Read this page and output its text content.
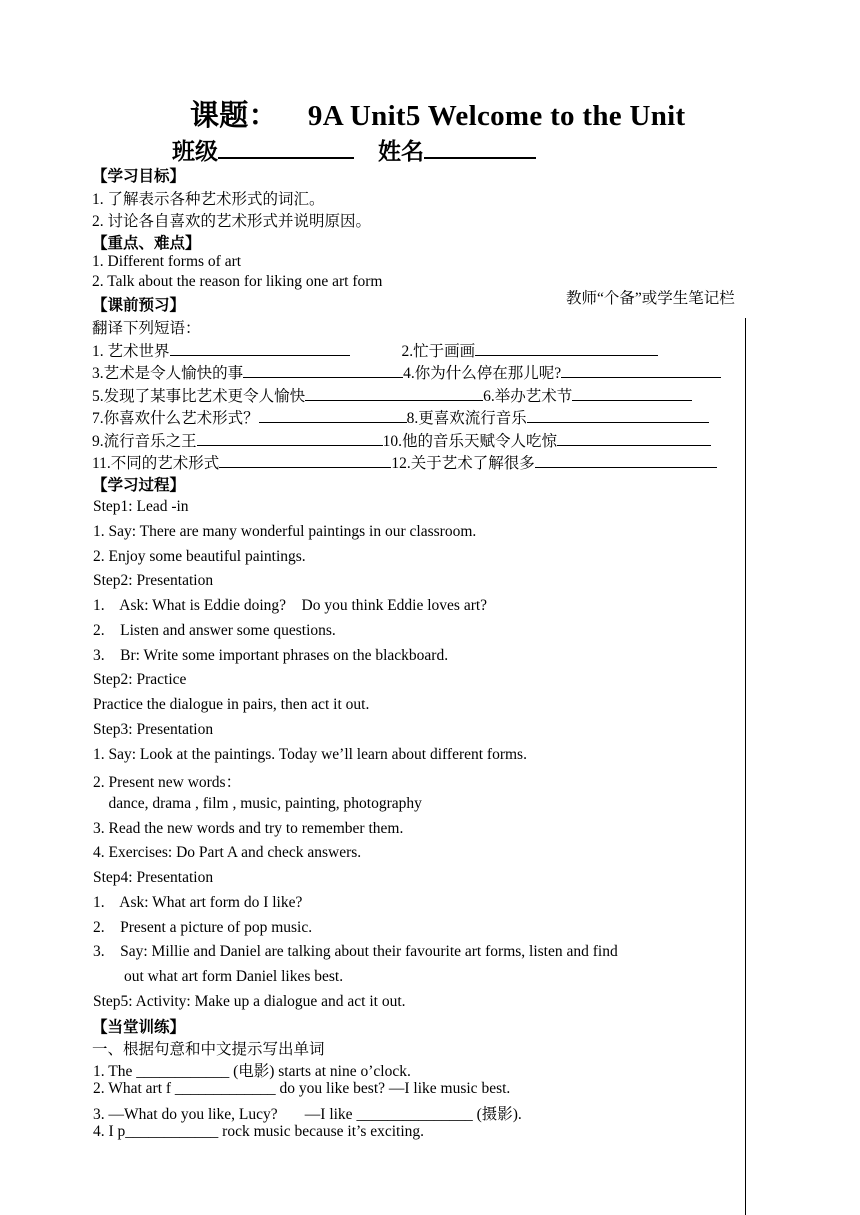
课题： 9A Unit5 Welcome to the Unit
班级	姓名
【学习目标】
1. 了解表示各种艺术形式的词汇。
2. 讨论各自喜欢的艺术形式并说明原因。
【重点、难点】
1. Different forms of art
2. Talk about the reason for liking one art form
教师“个备”或学生笔记栏
【课前预习】
翻译下列短语：
1. 艺术世界	2.忙于画画
3.艺术是令人愉快的事	4.你为什么停在那儿呢?
5.发现了某事比艺术更令人愉快	6.举办艺术节
7.你喜欢什么艺术形式？	8.更喜欢流行音乐
9.流行音乐之王	10.他的音乐天赋令人吃惊
11.不同的艺术形式	12.关于艺术了解很多
【学习过程】
Step1: Lead -in
1. Say: There are many wonderful paintings in our classroom.
2. Enjoy some beautiful paintings.
Step2: Presentation
1.    Ask: What is Eddie doing?    Do you think Eddie loves art?
2.    Listen and answer some questions.
3.    Br: Write some important phrases on the blackboard.
Step2: Practice
Practice the dialogue in pairs, then act it out.
Step3: Presentation
1. Say: Look at the paintings. Today we’ll learn about different forms.
2. Present new words：
dance, drama , film , music, painting, photography
3. Read the new words and try to remember them.
4. Exercises: Do Part A and check answers.
Step4: Presentation
1.    Ask: What art form do I like?
2.    Present a picture of pop music.
3.    Say: Millie and Daniel are talking about their favourite art forms, listen and find
out what art form Daniel likes best.
Step5: Activity: Make up a dialogue and act it out.
【当堂训练】
一、根据句意和中文提示写出单词
1. The ____________ (电影) starts at nine o’clock.
2. What art f _____________ do you like best? —I like music best.
3. —What do you like, Lucy?       —I like _______________ (摄影).
4. I p____________ rock music because it’s exciting.
